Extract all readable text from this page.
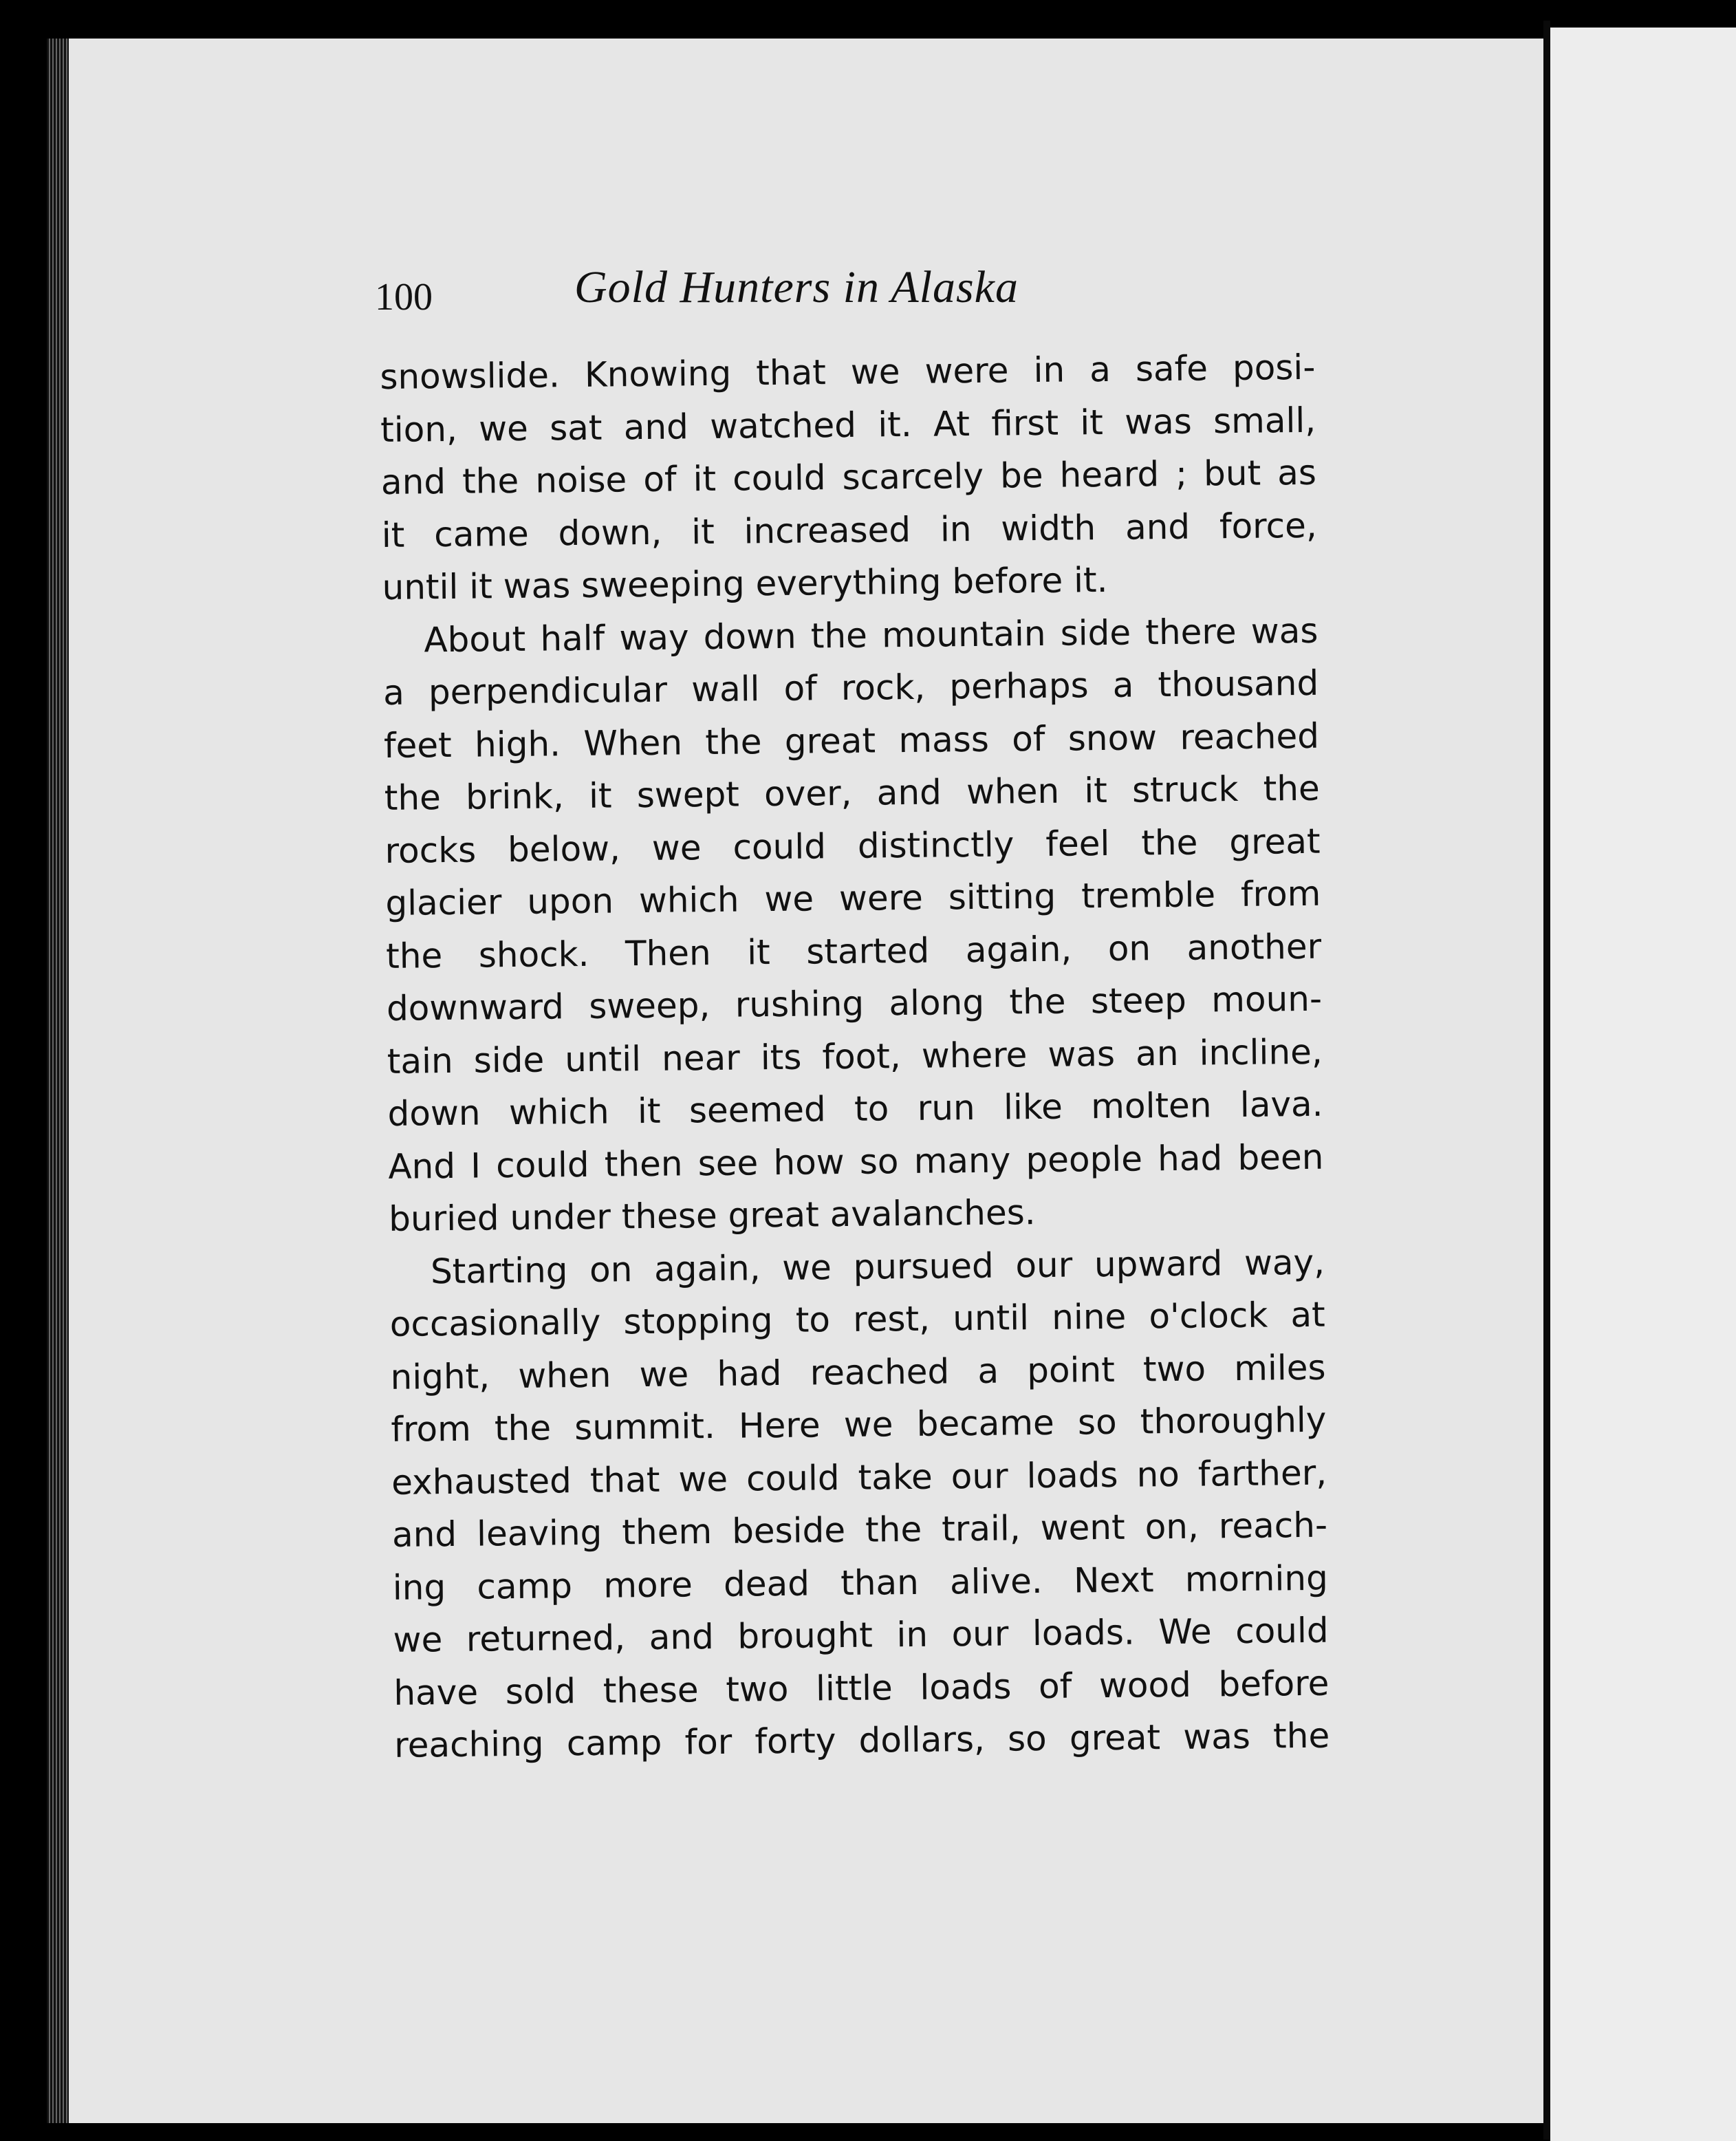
100	Gold Hunters in Alaska
snowslide. Knowing that we were in a safe posi-
tion, we sat and watched it. At first it was small,
and the noise of it could scarcely be heard ; but as
it came down, it increased in width and force,
until it was sweeping everything before it.
About half way down the mountain side there was
a perpendicular wall of rock, perhaps a thousand
feet high. When the great mass of snow reached
the brink, it swept over, and when it struck the
rocks below, we could distinctly feel the great
glacier upon which we were sitting tremble from
the shock. Then it started again, on another
downward sweep, rushing along the steep moun-
tain side until near its foot, where was an incline,
down which it seemed to run like molten lava.
And I could then see how so many people had been
buried under these great avalanches.
Starting on again, we pursued our upward way,
occasionally stopping to rest, until nine o'clock at
night, when we had reached a point two miles
from the summit. Here we became so thoroughly
exhausted that we could take our loads no farther,
and leaving them beside the trail, went on, reach-
ing camp more dead than alive. Next morning
we returned, and brought in our loads. We could
have sold these two little loads of wood before
reaching camp for forty dollars, so great was the
